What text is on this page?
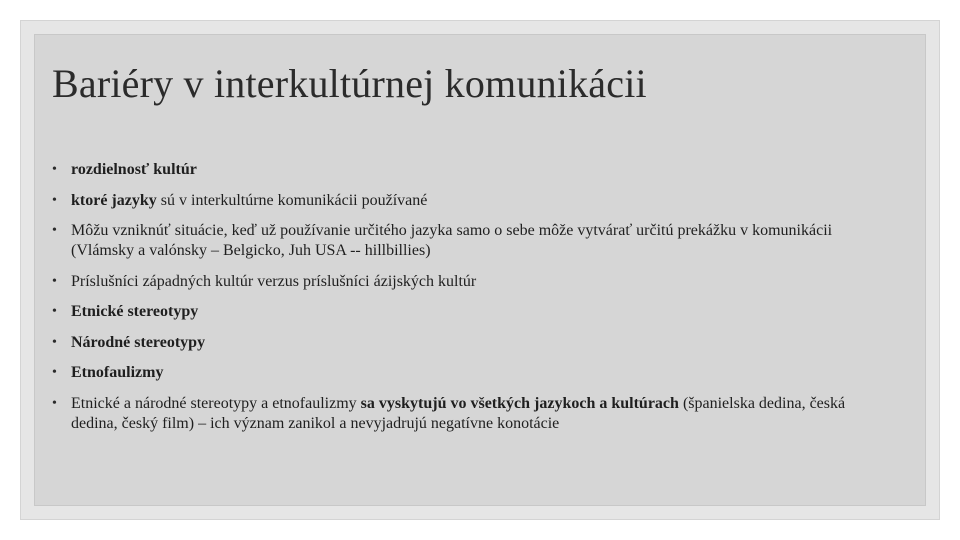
Bariéry v interkultúrnej komunikácii
• rozdielnosť kultúr
• ktoré jazyky sú v interkultúrne komunikácii používané
• Môžu vzniknúť situácie, keď už používanie určitého jazyka samo o sebe môže vytvárať určitú prekážku v komunikácii (Vlámsky a valónsky – Belgicko, Juh USA -- hillbillies)
• Príslušníci západných kultúr verzus príslušníci ázijských kultúr
• Etnické stereotypy
• Národné stereotypy
• Etnofaulizmy
• Etnické a národné stereotypy a etnofaulizmy sa vyskytujú vo všetkých jazykoch a kultúrach (španielska dedina, česká dedina, český film) – ich význam zanikol a nevyjadrujú negatívne konotácie
